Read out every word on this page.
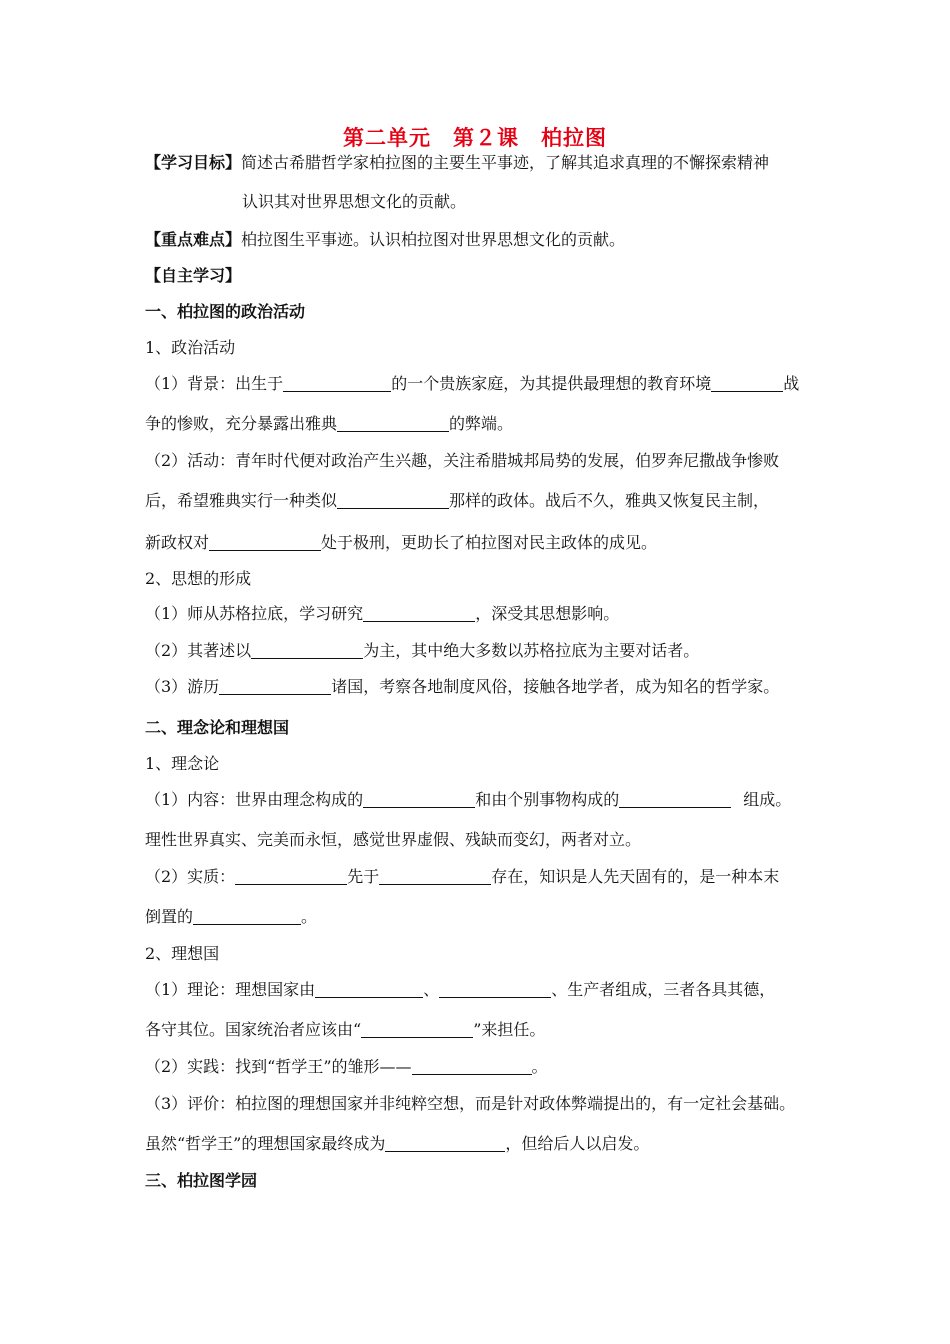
第二单元　第２课　柏拉图
【学习目标】简述古希腊哲学家柏拉图的主要生平事迹，了解其追求真理的不懈探索精神
认识其对世界思想文化的贡献。
【重点难点】柏拉图生平事迹。认识柏拉图对世界思想文化的贡献。
【自主学习】
一、柏拉图的政治活动
1、政治活动
（1）背景：出生于	的一个贵族家庭，为其提供最理想的教育环境	战
争的惨败，充分暴露出雅典	的弊端。
（2）活动：青年时代便对政治产生兴趣，关注希腊城邦局势的发展，伯罗奔尼撒战争惨败
后，希望雅典实行一种类似	那样的政体。战后不久，雅典又恢复民主制，
新政权对	处于极刑，更助长了柏拉图对民主政体的成见。
2、思想的形成
（1）师从苏格拉底，学习研究	，深受其思想影响。
（2）其著述以	为主，其中绝大多数以苏格拉底为主要对话者。
（3）游历	诸国，考察各地制度风俗，接触各地学者，成为知名的哲学家。
二、理念论和理想国
1、理念论
（1）内容：世界由理念构成的	和由个别事物构成的	组成。
理性世界真实、完美而永恒，感觉世界虚假、残缺而变幻，两者对立。
（2）实质：	先于	存在，知识是人先天固有的，是一种本末
倒置的	。
2、理想国
（1）理论：理想国家由	、	、生产者组成，三者各具其德，
各守其位。国家统治者应该由“	”来担任。
（2）实践：找到“哲学王”的雏形——	。
（3）评价：柏拉图的理想国家并非纯粹空想，而是针对政体弊端提出的，有一定社会基础。
虽然“哲学王”的理想国家最终成为	，但给后人以启发。
三、柏拉图学园
